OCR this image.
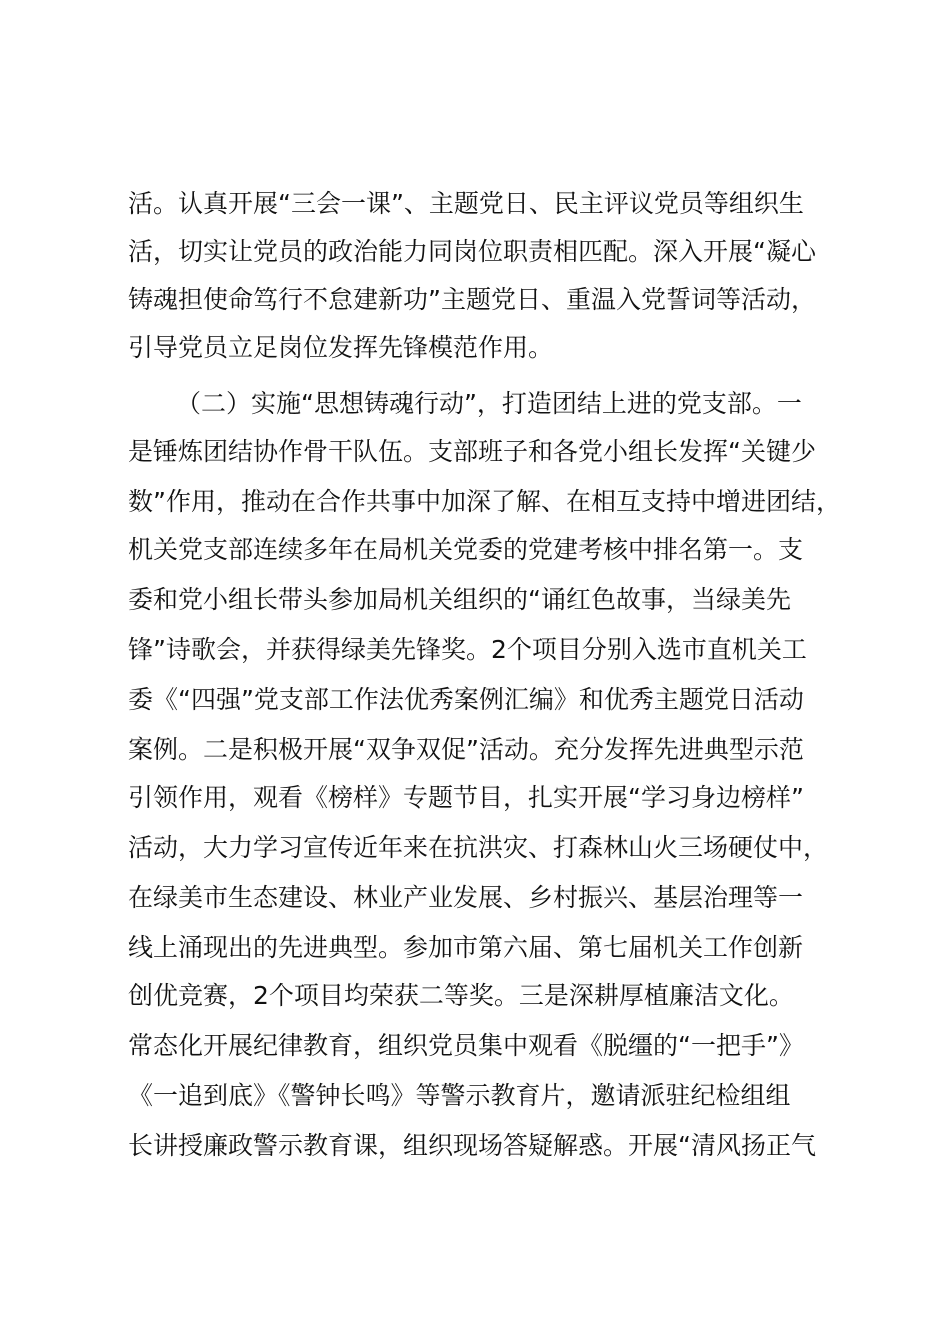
活。认真开展“三会一课”、主题党日、民主评议党员等组织生

活，切实让党员的政治能力同岗位职责相匹配。深入开展“凝心

铸魂担使命笃行不怠建新功”主题党日、重温入党誓词等活动，

引导党员立足岗位发挥先锋模范作用。

（二）实施“思想铸魂行动”，打造团结上进的党支部。一

是锤炼团结协作骨干队伍。支部班子和各党小组长发挥“关键少

数”作用，推动在合作共事中加深了解、在相互支持中增进团结，

机关党支部连续多年在局机关党委的党建考核中排名第一。支

委和党小组长带头参加局机关组织的“诵红色故事，当绿美先

锋”诗歌会，并获得绿美先锋奖。2个项目分别入选市直机关工

委《“四强”党支部工作法优秀案例汇编》和优秀主题党日活动

案例。二是积极开展“双争双促”活动。充分发挥先进典型示范

引领作用，观看《榜样》专题节目，扎实开展“学习身边榜样”

活动，大力学习宣传近年来在抗洪灾、打森林山火三场硬仗中，

在绿美市生态建设、林业产业发展、乡村振兴、基层治理等一

线上涌现出的先进典型。参加市第六届、第七届机关工作创新

创优竞赛，2个项目均荣获二等奖。三是深耕厚植廉洁文化。

常态化开展纪律教育，组织党员集中观看《脱缰的“一把手”》

《一追到底》《警钟长鸣》等警示教育片，邀请派驻纪检组组

长讲授廉政警示教育课，组织现场答疑解惑。开展“清风扬正气
